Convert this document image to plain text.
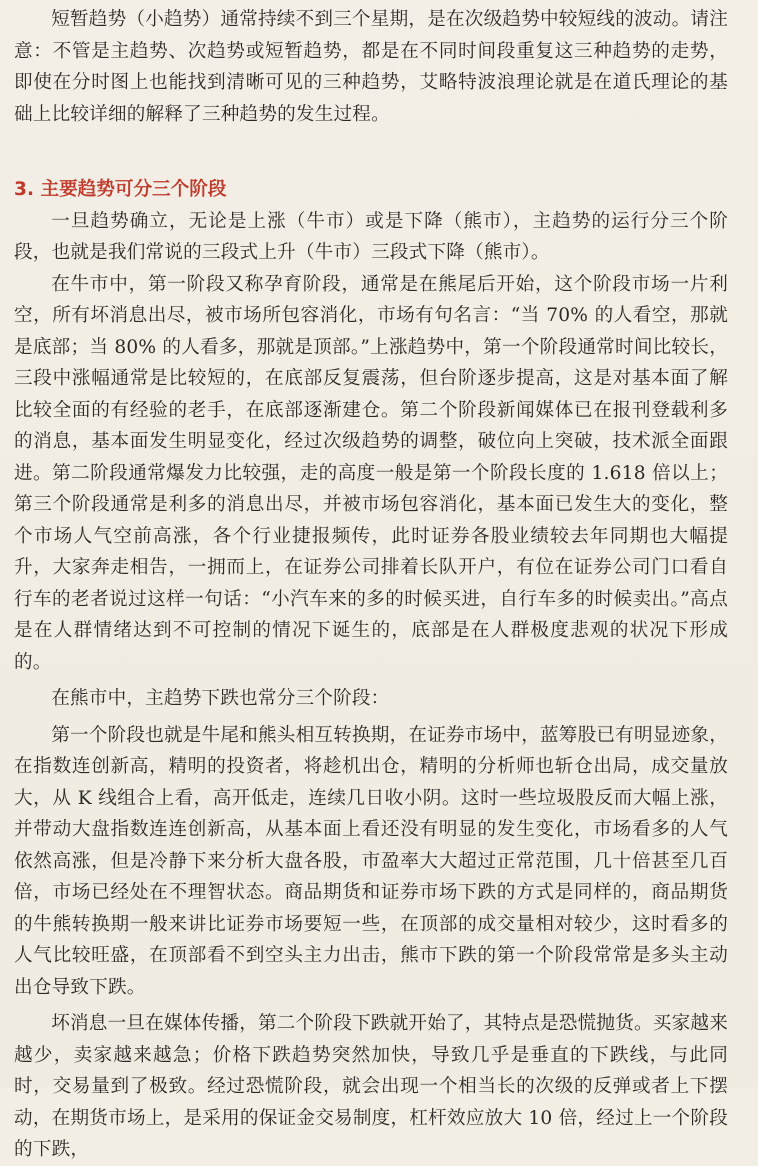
短暂趋势（小趋势）通常持续不到三个星期，是在次级趋势中较短线的波动。请注意：不管是主趋势、次趋势或短暂趋势，都是在不同时间段重复这三种趋势的走势，即使在分时图上也能找到清晰可见的三种趋势，艾略特波浪理论就是在道氏理论的基础上比较详细的解释了三种趋势的发生过程。

3. 主要趋势可分三个阶段

一旦趋势确立，无论是上涨（牛市）或是下降（熊市），主趋势的运行分三个阶段，也就是我们常说的三段式上升（牛市）三段式下降（熊市）。

在牛市中，第一阶段又称孕育阶段，通常是在熊尾后开始，这个阶段市场一片利空，所有坏消息出尽，被市场所包容消化，市场有句名言：“当 70% 的人看空，那就是底部；当 80% 的人看多，那就是顶部。”上涨趋势中，第一个阶段通常时间比较长，三段中涨幅通常是比较短的，在底部反复震荡，但台阶逐步提高，这是对基本面了解比较全面的有经验的老手，在底部逐渐建仓。第二个阶段新闻媒体已在报刊登载利多的消息，基本面发生明显变化，经过次级趋势的调整，破位向上突破，技术派全面跟进。第二阶段通常爆发力比较强，走的高度一般是第一个阶段长度的 1.618 倍以上；第三个阶段通常是利多的消息出尽，并被市场包容消化，基本面已发生大的变化，整个市场人气空前高涨，各个行业捷报频传，此时证券各股业绩较去年同期也大幅提升，大家奔走相告，一拥而上，在证券公司排着长队开户，有位在证券公司门口看自行车的老者说过这样一句话：“小汽车来的多的时候买进，自行车多的时候卖出。”高点是在人群情绪达到不可控制的情况下诞生的，底部是在人群极度悲观的状况下形成的。

在熊市中，主趋势下跌也常分三个阶段：

第一个阶段也就是牛尾和熊头相互转换期，在证券市场中，蓝筹股已有明显迹象，在指数连创新高，精明的投资者，将趁机出仓，精明的分析师也斩仓出局，成交量放大，从 K 线组合上看，高开低走，连续几日收小阴。这时一些垃圾股反而大幅上涨，并带动大盘指数连连创新高，从基本面上看还没有明显的发生变化，市场看多的人气依然高涨，但是冷静下来分析大盘各股，市盈率大大超过正常范围，几十倍甚至几百倍，市场已经处在不理智状态。商品期货和证券市场下跌的方式是同样的，商品期货的牛熊转换期一般来讲比证券市场要短一些，在顶部的成交量相对较少，这时看多的人气比较旺盛，在顶部看不到空头主力出击，熊市下跌的第一个阶段常常是多头主动出仓导致下跌。

坏消息一旦在媒体传播，第二个阶段下跌就开始了，其特点是恐慌抛货。买家越来越少，卖家越来越急；价格下跌趋势突然加快，导致几乎是垂直的下跌线，与此同时，交易量到了极致。经过恐慌阶段，就会出现一个相当长的次级的反弹或者上下摆动，在期货市场上，是采用的保证金交易制度，杠杆效应放大 10 倍，经过上一个阶段的下跌，
